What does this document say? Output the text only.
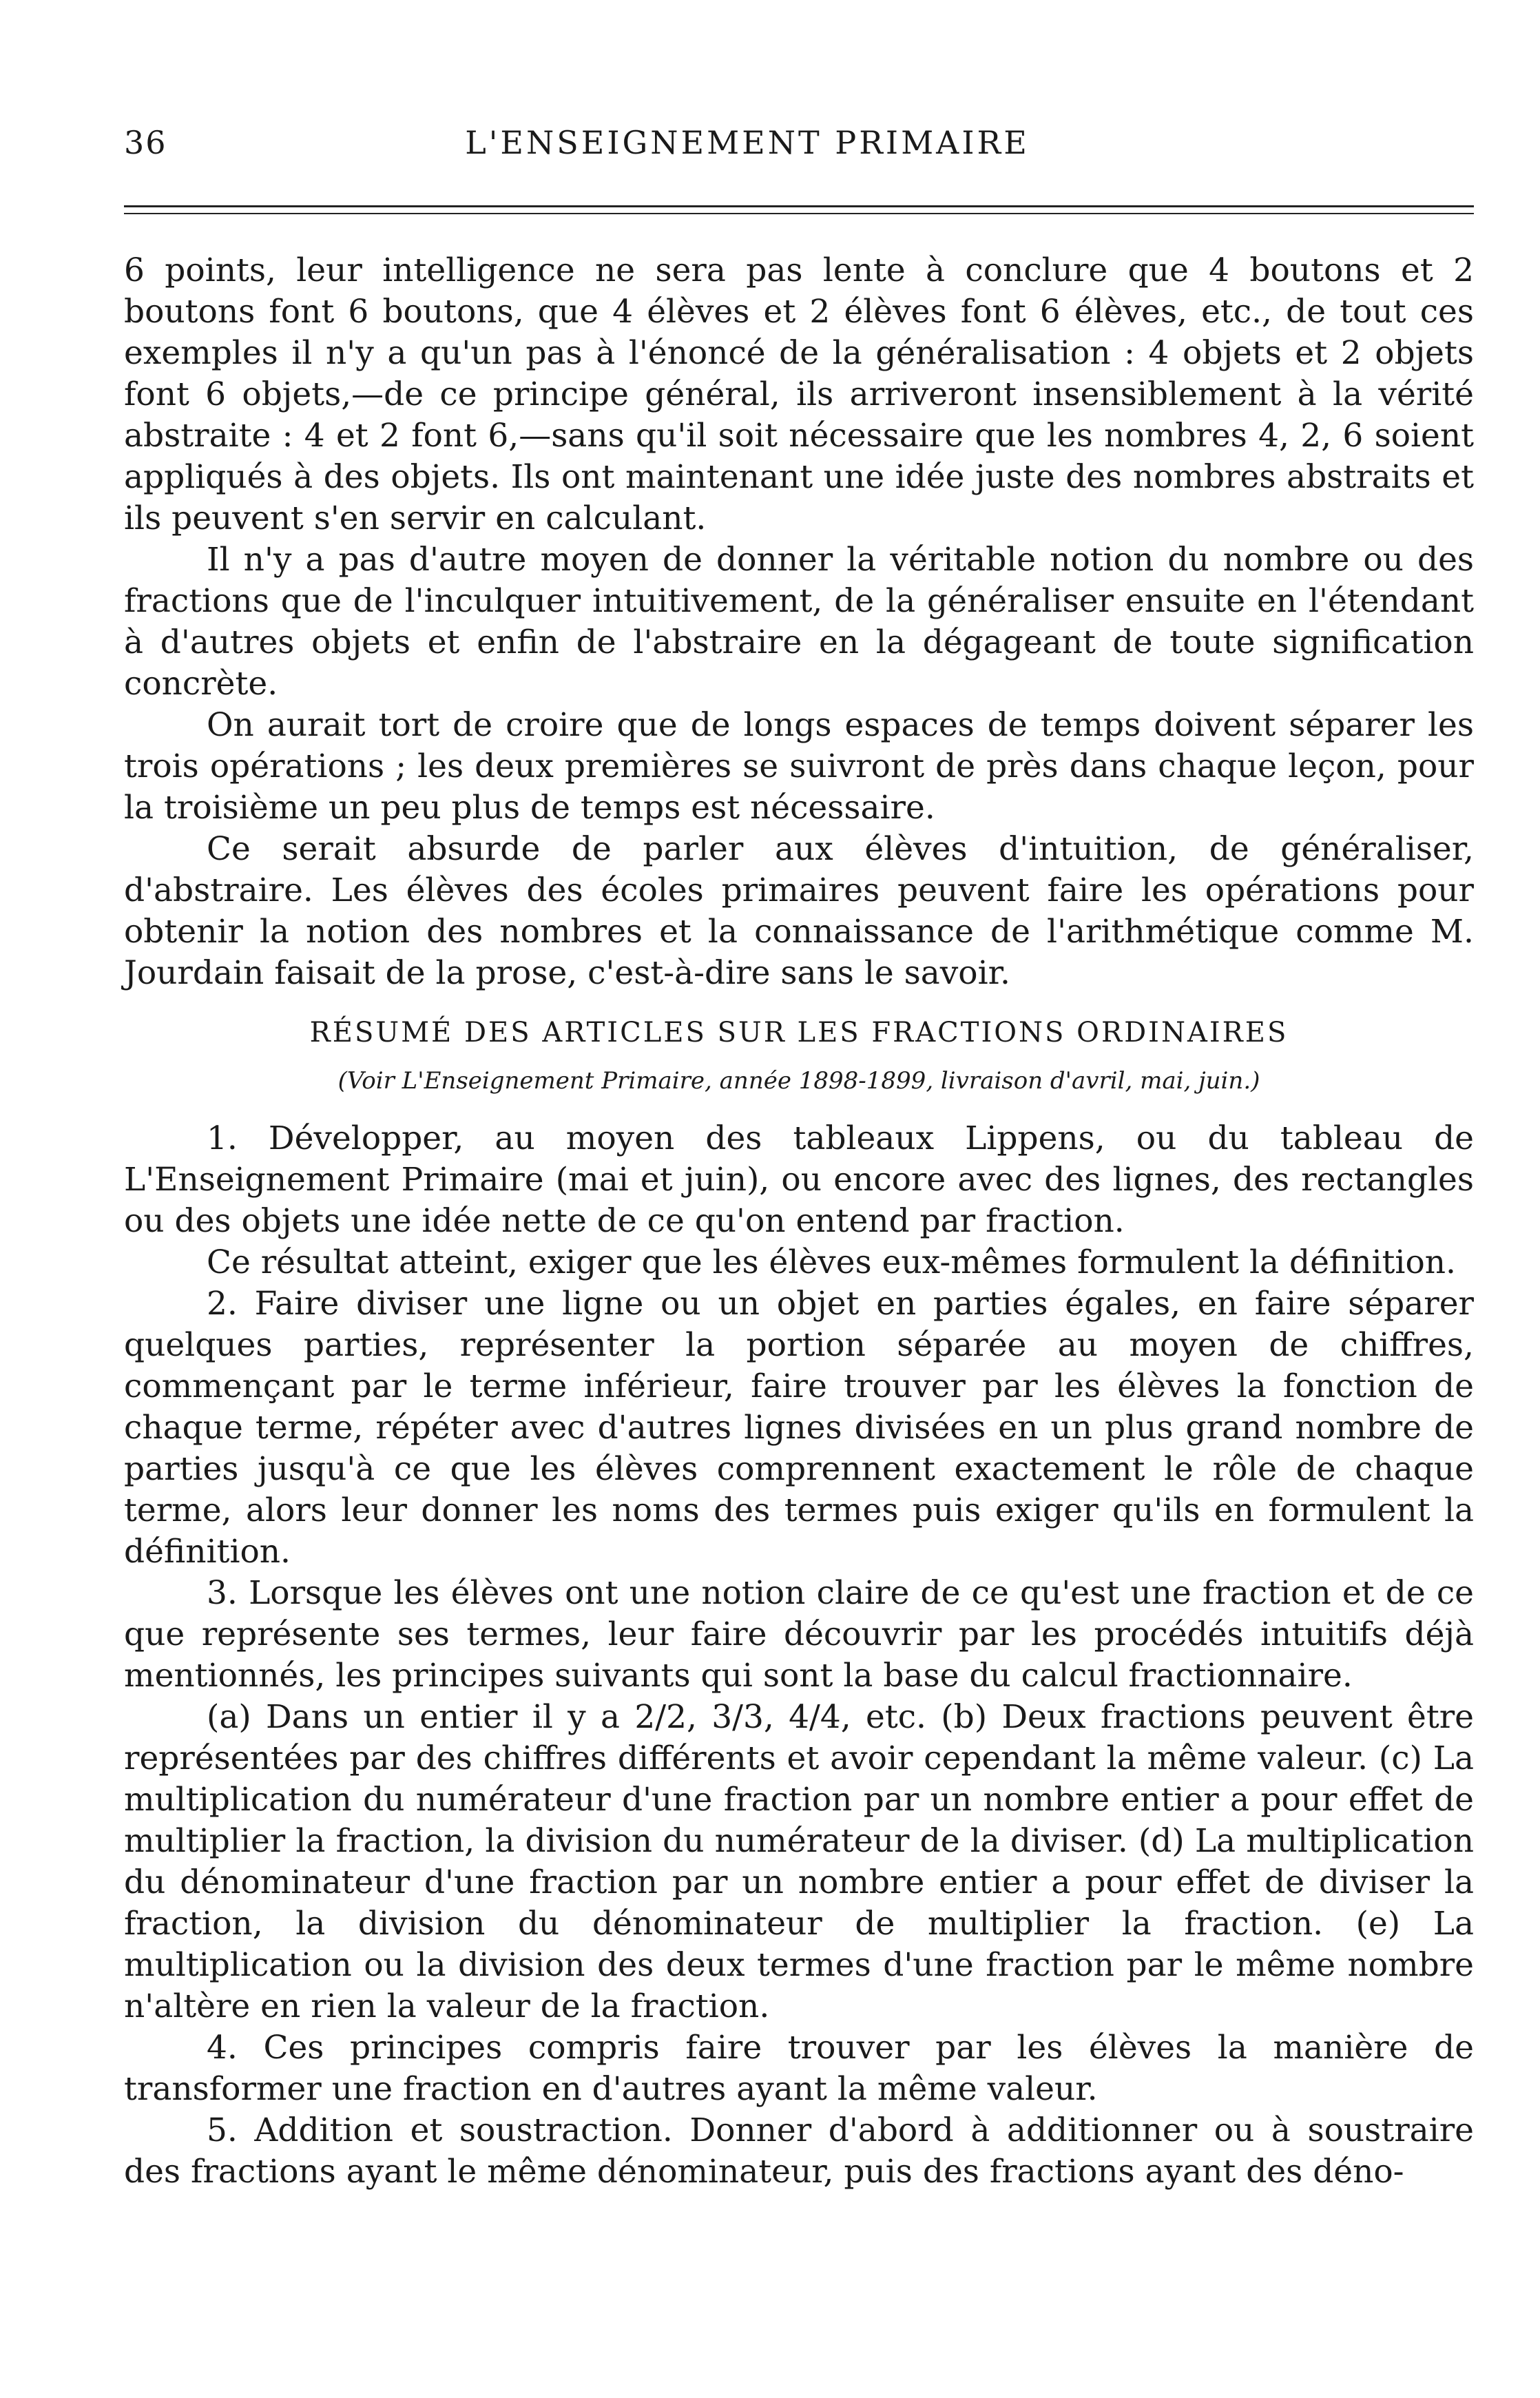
36	L'ENSEIGNEMENT PRIMAIRE

6 points, leur intelligence ne sera pas lente à conclure que 4 boutons et 2 boutons font 6 boutons, que 4 élèves et 2 élèves font 6 élèves, etc., de tout ces exemples il n'y a qu'un pas à l'énoncé de la généralisation : 4 objets et 2 objets font 6 objets,—de ce principe général, ils arriveront insensiblement à la vérité abstraite : 4 et 2 font 6,—sans qu'il soit nécessaire que les nombres 4, 2, 6 soient appliqués à des objets. Ils ont maintenant une idée juste des nombres abstraits et ils peuvent s'en servir en calculant.

Il n'y a pas d'autre moyen de donner la véritable notion du nombre ou des fractions que de l'inculquer intuitivement, de la généraliser ensuite en l'étendant à d'autres objets et enfin de l'abstraire en la dégageant de toute signification concrète.

On aurait tort de croire que de longs espaces de temps doivent séparer les trois opérations ; les deux premières se suivront de près dans chaque leçon, pour la troisième un peu plus de temps est nécessaire.

Ce serait absurde de parler aux élèves d'intuition, de généraliser, d'abstraire. Les élèves des écoles primaires peuvent faire les opérations pour obtenir la notion des nombres et la connaissance de l'arithmétique comme M. Jourdain faisait de la prose, c'est-à-dire sans le savoir.

RÉSUMÉ DES ARTICLES SUR LES FRACTIONS ORDINAIRES
(Voir L'Enseignement Primaire, année 1898-1899, livraison d'avril, mai, juin.)

1. Développer, au moyen des tableaux Lippens, ou du tableau de L'Enseignement Primaire (mai et juin), ou encore avec des lignes, des rectangles ou des objets une idée nette de ce qu'on entend par fraction.

Ce résultat atteint, exiger que les élèves eux-mêmes formulent la définition.

2. Faire diviser une ligne ou un objet en parties égales, en faire séparer quelques parties, représenter la portion séparée au moyen de chiffres, commençant par le terme inférieur, faire trouver par les élèves la fonction de chaque terme, répéter avec d'autres lignes divisées en un plus grand nombre de parties jusqu'à ce que les élèves comprennent exactement le rôle de chaque terme, alors leur donner les noms des termes puis exiger qu'ils en formulent la définition.

3. Lorsque les élèves ont une notion claire de ce qu'est une fraction et de ce que représente ses termes, leur faire découvrir par les procédés intuitifs déjà mentionnés, les principes suivants qui sont la base du calcul fractionnaire.

(a) Dans un entier il y a 2/2, 3/3, 4/4, etc. (b) Deux fractions peuvent être représentées par des chiffres différents et avoir cependant la même valeur. (c) La multiplication du numérateur d'une fraction par un nombre entier a pour effet de multiplier la fraction, la division du numérateur de la diviser. (d) La multiplication du dénominateur d'une fraction par un nombre entier a pour effet de diviser la fraction, la division du dénominateur de multiplier la fraction. (e) La multiplication ou la division des deux termes d'une fraction par le même nombre n'altère en rien la valeur de la fraction.

4. Ces principes compris faire trouver par les élèves la manière de transformer une fraction en d'autres ayant la même valeur.

5. Addition et soustraction. Donner d'abord à additionner ou à soustraire des fractions ayant le même dénominateur, puis des fractions ayant des déno-
